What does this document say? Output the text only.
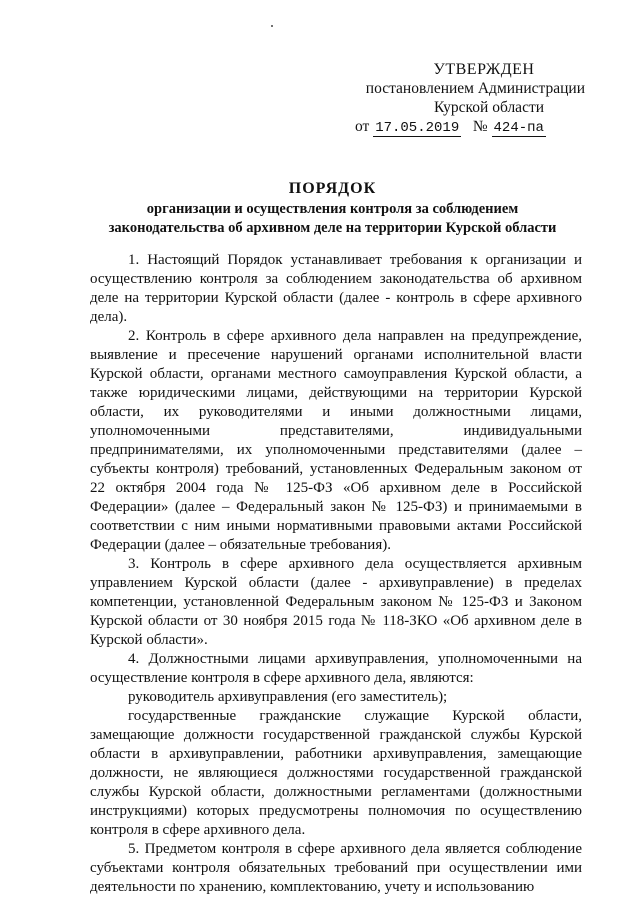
УТВЕРЖДЕН
постановлением Администрации
Курской области
от 17.05.2019 № 424-па
ПОРЯДОК
организации и осуществления контроля за соблюдением
законодательства об архивном деле на территории Курской области

1. Настоящий Порядок устанавливает требования к организации и осуществлению контроля за соблюдением законодательства об архивном деле на территории Курской области (далее - контроль в сфере архивного дела).

2. Контроль в сфере архивного дела направлен на предупреждение, выявление и пресечение нарушений органами исполнительной власти Курской области, органами местного самоуправления Курской области, а также юридическими лицами, действующими на территории Курской области, их руководителями и иными должностными лицами, уполномоченными представителями, индивидуальными предпринимателями, их уполномоченными представителями (далее – субъекты контроля) требований, установленных Федеральным законом от 22 октября 2004 года № 125-ФЗ «Об архивном деле в Российской Федерации» (далее – Федеральный закон № 125-ФЗ) и принимаемыми в соответствии с ним иными нормативными правовыми актами Российской Федерации (далее – обязательные требования).

3. Контроль в сфере архивного дела осуществляется архивным управлением Курской области (далее - архивуправление) в пределах компетенции, установленной Федеральным законом № 125-ФЗ и Законом Курской области от 30 ноября 2015 года № 118-ЗКО «Об архивном деле в Курской области».

4. Должностными лицами архивуправления, уполномоченными на осуществление контроля в сфере архивного дела, являются:

руководитель архивуправления (его заместитель);

государственные гражданские служащие Курской области, замещающие должности государственной гражданской службы Курской области в архивуправлении, работники архивуправления, замещающие должности, не являющиеся должностями государственной гражданской службы Курской области, должностными регламентами (должностными инструкциями) которых предусмотрены полномочия по осуществлению контроля в сфере архивного дела.

5. Предметом контроля в сфере архивного дела является соблюдение субъектами контроля обязательных требований при осуществлении ими деятельности по хранению, комплектованию, учету и использованию
